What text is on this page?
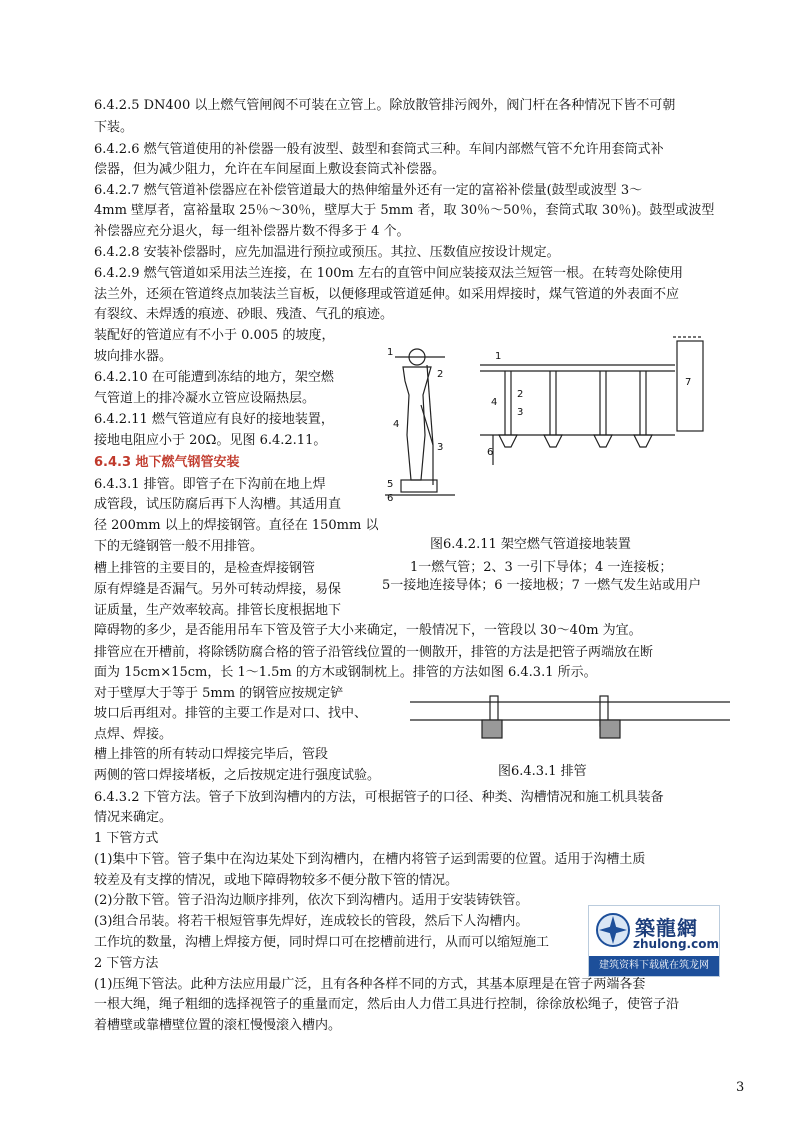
6.4.2.5 DN400 以上燃气管闸阀不可装在立管上。除放散管排污阀外，阀门杆在各种情况下皆不可朝
下装。
6.4.2.6 燃气管道使用的补偿器一般有波型、鼓型和套筒式三种。车间内部燃气管不允许用套筒式补
偿器，但为减少阻力，允许在车间屋面上敷设套筒式补偿器。
6.4.2.7 燃气管道补偿器应在补偿管道最大的热伸缩量外还有一定的富裕补偿量(鼓型或波型 3～
4mm 壁厚者，富裕量取 25％～30％，壁厚大于 5mm 者，取 30％～50％，套筒式取 30％)。鼓型或波型
补偿器应充分退火，每一组补偿器片数不得多于 4 个。
6.4.2.8 安装补偿器时，应先加温进行预拉或预压。其拉、压数值应按设计规定。
6.4.2.9 燃气管道如采用法兰连接，在 100m 左右的直管中间应装接双法兰短管一根。在转弯处除使用
法兰外，还须在管道终点加装法兰盲板，以便修理或管道延伸。如采用焊接时，煤气管道的外表面不应
有裂纹、未焊透的痕迹、砂眼、残渣、气孔的痕迹。
装配好的管道应有不小于 0.005 的坡度，
坡向排水器。
6.4.2.10 在可能遭到冻结的地方，架空燃
气管道上的排冷凝水立管应设隔热层。
6.4.2.11 燃气管道应有良好的接地装置，
接地电阻应小于 20Ω。见图 6.4.2.11。
6.4.3 地下燃气钢管安装
6.4.3.1 排管。即管子在下沟前在地上焊
成管段，试压防腐后再下人沟槽。其适用直
径 200mm 以上的焊接钢管。直径在 150mm 以
下的无缝钢管一般不用排管。
槽上排管的主要目的，是检查焊接钢管
原有焊缝是否漏气。另外可转动焊接，易保
证质量，生产效率较高。排管长度根据地下
障碍物的多少，是否能用吊车下管及管子大小来确定，一般情况下，一管段以 30～40m 为宜。
排管应在开槽前，将除锈防腐合格的管子沿管线位置的一侧散开，排管的方法是把管子两端放在断
面为 15cm×15cm，长 1～1.5m 的方木或钢制枕上。排管的方法如图 6.4.3.1 所示。
对于壁厚大于等于 5mm 的钢管应按规定铲
坡口后再组对。排管的主要工作是对口、找中、
点焊、焊接。
槽上排管的所有转动口焊接完毕后，管段
两侧的管口焊接堵板，之后按规定进行强度试验。
6.4.3.2 下管方法。管子下放到沟槽内的方法，可根据管子的口径、种类、沟槽情况和施工机具装备
情况来确定。
1 下管方式
(1)集中下管。管子集中在沟边某处下到沟槽内，在槽内将管子运到需要的位置。适用于沟槽土质
较差及有支撑的情况，或地下障碍物较多不便分散下管的情况。
(2)分散下管。管子沿沟边顺序排列，依次下到沟槽内。适用于安装铸铁管。
(3)组合吊装。将若干根短管事先焊好，连成较长的管段，然后下人沟槽内。
工作坑的数量，沟槽上焊接方便，同时焊口可在挖槽前进行，从而可以缩短施工
2 下管方法
(1)压绳下管法。此种方法应用最广泛，且有各种各样不同的方式，其基本原理是在管子两端各套
一根大绳，绳子粗细的选择视管子的重量而定，然后由人力借工具进行控制，徐徐放松绳子，使管子沿
着槽壁或靠槽壁位置的滚杠慢慢滚入槽内。
1
2
3
4
5
6
1
2
3
4
6
7
图6.4.2.11 架空燃气管道接地装置
1一燃气管；2、3 一引下导体；4 一连接板；
5一接地连接导体；6 一接地极；7 一燃气发生站或用户
图6.4.3.1 排管
築龍網
zhulong.com
建筑资料下载就在筑龙网
3
